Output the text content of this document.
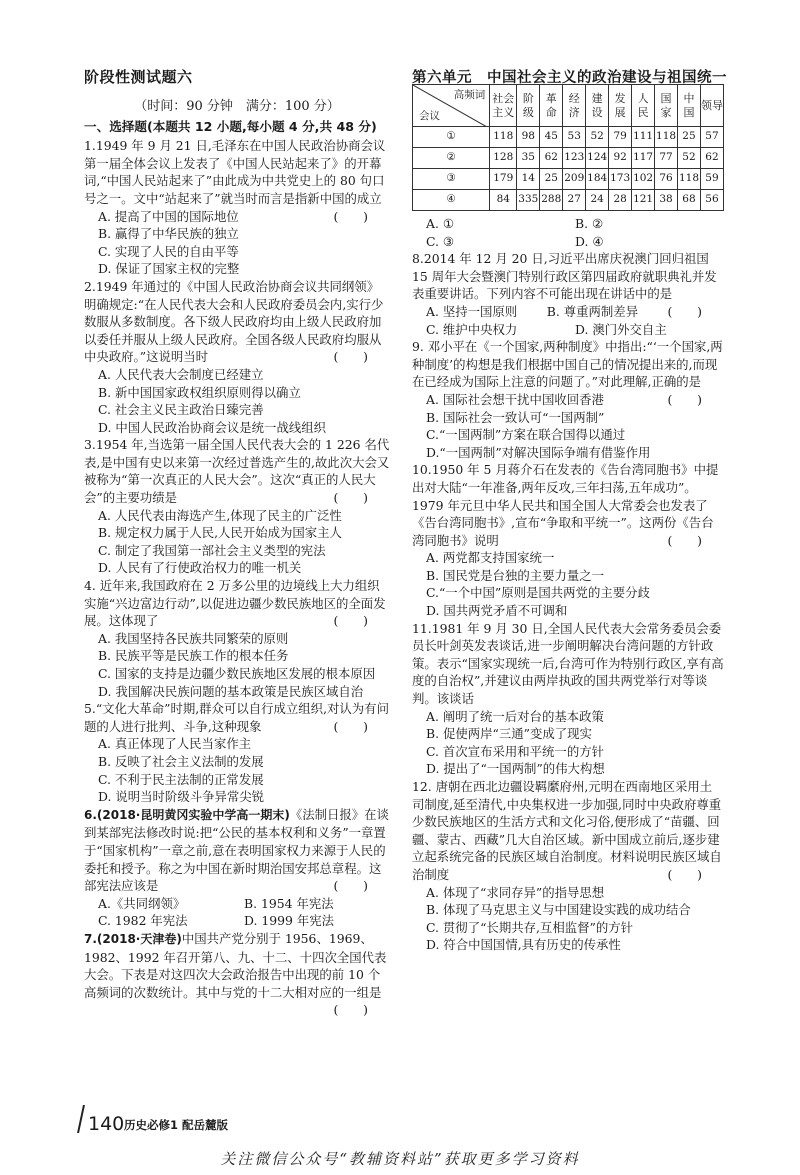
阶段性测试题六	第六单元　中国社会主义的政治建设与祖国统一
（时间：90 分钟　满分：100 分）
一、选择题(本题共 12 小题,每小题 4 分,共 48 分)
1.1949 年 9 月 21 日,毛泽东在中国人民政治协商会议第一届全体会议上发表了《中国人民站起来了》的开幕词,“中国人民站起来了”由此成为中共党史上的 80 句口号之一。文中“站起来了”就当时而言是指新中国的成立
(　　)
A. 提高了中国的国际地位
B. 赢得了中华民族的独立
C. 实现了人民的自由平等
D. 保证了国家主权的完整
2.1949 年通过的《中国人民政治协商会议共同纲领》明确规定:“在人民代表大会和人民政府委员会内,实行少数服从多数制度。各下级人民政府均由上级人民政府加以委任并服从上级人民政府。全国各级人民政府均服从中央政府。”这说明当时	(　　)
A. 人民代表大会制度已经建立
B. 新中国国家政权组织原则得以确立
C. 社会主义民主政治日臻完善
D. 中国人民政治协商会议是统一战线组织
3.1954 年,当选第一届全国人民代表大会的 1 226 名代表,是中国有史以来第一次经过普选产生的,故此次大会又被称为“第一次真正的人民大会”。这次“真正的人民大会”的主要功绩是	(　　)
A. 人民代表由海选产生,体现了民主的广泛性
B. 规定权力属于人民,人民开始成为国家主人
C. 制定了我国第一部社会主义类型的宪法
D. 人民有了行使政治权力的唯一机关
4. 近年来,我国政府在 2 万多公里的边境线上大力组织实施“兴边富边行动”,以促进边疆少数民族地区的全面发展。这体现了	(　　)
A. 我国坚持各民族共同繁荣的原则
B. 民族平等是民族工作的根本任务
C. 国家的支持是边疆少数民族地区发展的根本原因
D. 我国解决民族问题的基本政策是民族区域自治
5.“文化大革命”时期,群众可以自行成立组织,对认为有问题的人进行批判、斗争,这种现象	(　　)
A. 真正体现了人民当家作主
B. 反映了社会主义法制的发展
C. 不利于民主法制的正常发展
D. 说明当时阶级斗争异常尖锐
6.(2018·昆明黄冈实验中学高一期末)《法制日报》在谈到某部宪法修改时说:把“公民的基本权利和义务”一章置于“国家机构”一章之前,意在表明国家权力来源于人民的委托和授予。称之为中国在新时期治国安邦总章程。这部宪法应该是	(　　)
A.《共同纲领》	B. 1954 年宪法
C. 1982 年宪法	D. 1999 年宪法
7.(2018·天津卷)中国共产党分别于 1956、1969、1982、1992 年召开第八、九、十二、十四次全国代表大会。下表是对这四次大会政治报告中出现的前 10 个高频词的次数统计。其中与党的十二大相对应的一组是
(　　)
高频词
会议	社会主义	阶级	革命	经济	建设	发展	人民	国家	中国	领导
①	118	98	45	53	52	79	111	118	25	57
②	128	35	62	123	124	92	117	77	52	62
③	179	14	25	209	184	173	102	76	118	59
④	84	335	288	27	24	28	121	38	68	56
A. ①	B. ②
C. ③	D. ④
8.2014 年 12 月 20 日,习近平出席庆祝澳门回归祖国 15 周年大会暨澳门特别行政区第四届政府就职典礼并发表重要讲话。下列内容不可能出现在讲话中的是
(　　)
A. 坚持一国原则	B. 尊重两制差异
C. 维护中央权力	D. 澳门外交自主
9. 邓小平在《一个国家,两种制度》中指出:“‘一个国家,两种制度’的构想是我们根据中国自己的情况提出来的,而现在已经成为国际上注意的问题了。”对此理解,正确的是
(　　)
A. 国际社会想干扰中国收回香港
B. 国际社会一致认可“一国两制”
C.“一国两制”方案在联合国得以通过
D.“一国两制”对解决国际争端有借鉴作用
10.1950 年 5 月蒋介石在发表的《告台湾同胞书》中提出对大陆“一年准备,两年反攻,三年扫荡,五年成功”。1979 年元旦中华人民共和国全国人大常委会也发表了《告台湾同胞书》,宣布“争取和平统一”。这两份《告台湾同胞书》说明	(　　)
A. 两党都支持国家统一
B. 国民党是台独的主要力量之一
C.“一个中国”原则是国共两党的主要分歧
D. 国共两党矛盾不可调和
11.1981 年 9 月 30 日,全国人民代表大会常务委员会委员长叶剑英发表谈话,进一步阐明解决台湾问题的方针政策。表示“国家实现统一后,台湾可作为特别行政区,享有高度的自治权”,并建议由两岸执政的国共两党举行对等谈判。该谈话
A. 阐明了统一后对台的基本政策
B. 促使两岸“三通”变成了现实
C. 首次宣布采用和平统一的方针
D. 提出了“一国两制”的伟大构想
12. 唐朝在西北边疆设羁縻府州,元明在西南地区采用土司制度,延至清代,中央集权进一步加强,同时中央政府尊重少数民族地区的生活方式和文化习俗,便形成了“苗疆、回疆、蒙古、西藏”几大自治区域。新中国成立前后,逐步建立起系统完备的民族区域自治制度。材料说明民族区域自治制度	(　　)
A. 体现了“求同存异”的指导思想
B. 体现了马克思主义与中国建设实践的成功结合
C. 贯彻了“长期共存,互相监督”的方针
D. 符合中国国情,具有历史的传承性
140 历史必修1 配岳麓版
关注微信公众号“教辅资料站”获取更多学习资料
